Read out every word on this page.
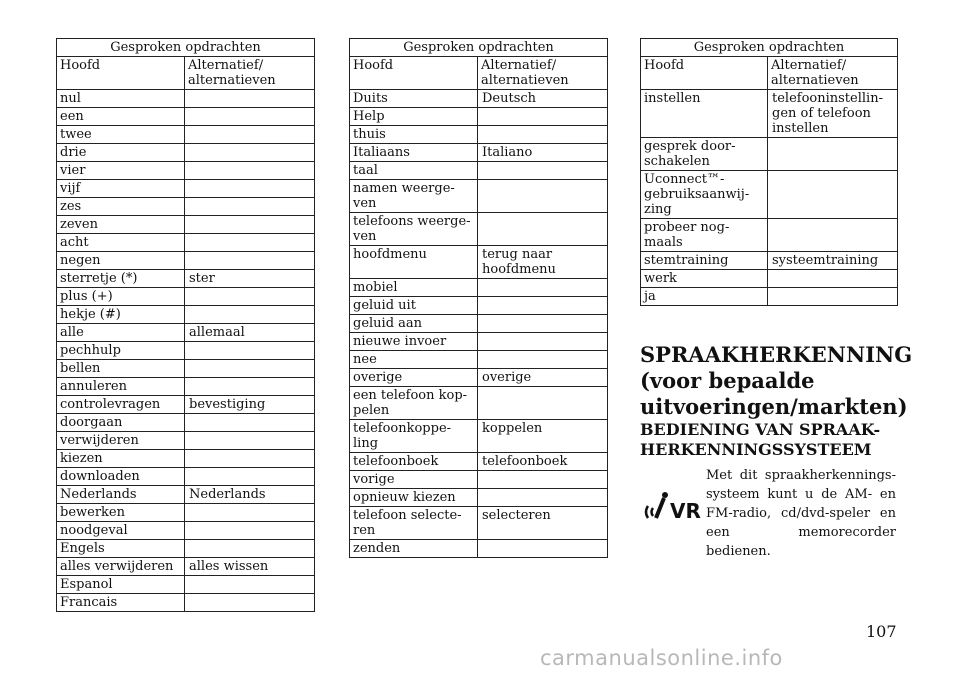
Gesproken opdrachten	
Hoofd	Alternatief/ alternatieven
nul	
een	
twee	
drie	
vier	
vijf	
zes	
zeven	
acht	
negen	
sterretje (*)	ster
plus (+)	
hekje (#)	
alle	allemaal
pechhulp	
bellen	
annuleren	
controlevragen	bevestiging
doorgaan	
verwijderen	
kiezen	
downloaden	
Nederlands	Nederlands
bewerken	
noodgeval	
Engels	
alles verwijderen	alles wissen
Espanol	
Francais	
Gesproken opdrachten	
Hoofd	Alternatief/ alternatieven
Duits	Deutsch
Help	
thuis	
Italiaans	Italiano
taal	
namen weerge-ven	
telefoons weerge-ven	
hoofdmenu	terug naar hoofdmenu
mobiel	
geluid uit	
geluid aan	
nieuwe invoer	
nee	
overige	overige
een telefoon kop-pelen	
telefoonkoppe-ling	koppelen
telefoonboek	telefoonboek
vorige	
opnieuw kiezen	
telefoon selecte-ren	selecteren
zenden	
Gesproken opdrachten	
Hoofd	Alternatief/ alternatieven
instellen	telefooninstellin-gen of telefoon instellen
gesprek door-schakelen	
Uconnect™-gebruiksaanwij-zing	
probeer nog-maals	
stemtraining	systeemtraining
werk	
ja	
SPRAAKHERKENNING (voor bepaalde uitvoeringen/markten)
BEDIENING VAN SPRAAK-HERKENNINGSSYSTEEM
VR

Met dit spraakherkennings-systeem kunt u de AM- en FM-radio, cd/dvd-speler en een memorecorder bedienen.

107
carmanualsonline.info
